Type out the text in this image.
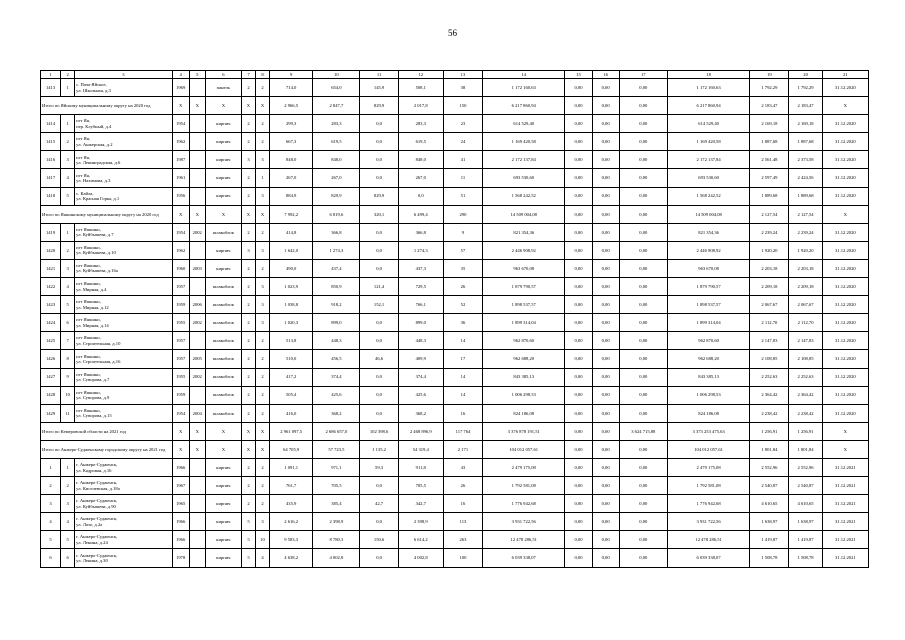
56
1	2	3	4	5	6	7	8	9	10	11	12	13	14	15	16	17	18	19	20	21
1413	1	с. Пача-Яйское,
ул. Школьная, д.3	1969		панель	2	2	714,0	654,0	145,9	508,1	38	1 172 160,63	0,00	0,00	0,00	1 172 160,63	1 792,29	1 792,29	31.12.2020
Итого по Яйскому муниципальному округу на 2020 год			X	X	X	X	X	2 966,5	2 847,7	829,9	2 017,8	150	6 217 860,94	0,00	0,00	0,00	6 217 860,94	2 183,47	2 183,47	X
1414	1	пгт Яя,
пер. Клубный, д.4	1954		кирпич	2	2	299,3	283,3	0,0	283,3	23	614 529,40	0,00	0,00	0,00	614 529,40	2 169,18	2 169,18	31.12.2020
1415	2	пгт Яя,
ул. Анжерская, д.2	1962		кирпич	2	2	667,3	619,5	0,0	619,5	24	1 169 420,58	0,00	0,00	0,00	1 169 420,58	1 887,68	1 887,68	31.12.2020
1416	3	пгт Яя,
ул. Ленинградская, д.6	1987		кирпич	3	3	848,0	848,0	0,0	848,0	41	2 172 137,84	0,00	0,00	0,00	2 172 137,84	2 561,48	2 373,58	31.12.2020
1417	4	пгт Яя,
ул. Нахимова, д.3	1961		кирпич	2	1	267,0	267,0	0,0	267,0	11	693 530,60	0,00	0,00	0,00	693 530,60	2 597,49	2 424,56	31.12.2020
1418	5	с. Кайла,
ул. Красная Горка, д.1	1956		кирпич	2	3	884,9	829,9	829,9	0,0	51	1 568 242,52	0,00	0,00	0,00	1 568 242,52	1 889,68	1 889,68	31.12.2020
Итого по Яшкинскому муниципальному округу на 2020 год			X	X	X	X	X	7 992,2	6 819,6	320,1	6 499,4	290	14 509 004,08	0,00	0,00	0,00	14 509 004,08	2 127,54	2 127,54	X
1419	1	пгт Яшкино,
ул. Куйбышева, д.7	1954	2002	шлакоблок	2	2	414,8	366,8	0,0	366,8	9	821 354,36	0,00	0,00	0,00	821 354,36	2 239,24	2 239,24	31.12.2020
1420	2	пгт Яшкино,
ул. Куйбышева, д.10	1962		кирпич	3	3	1 642,0	1 274,3	0,0	1 274,3	57	2 446 908,92	0,00	0,00	0,00	2 446 908,92	1 920,20	1 920,20	31.12.2020
1421	3	пгт Яшкино,
ул. Куйбышева, д.16а	1960	2003	кирпич	2	2	490,0	437,4	0,0	437,3	35	963 670,08	0,00	0,00	0,00	963 670,08	2 203,18	2 203,18	31.12.2020
1422	4	пгт Яшкино,
ул. Мирная, д.4	1957		шлакоблок	2	3	1 023,9	850,9	121,4	729,5	26	1 879 790,57	0,00	0,00	0,00	1 879 790,57	2 209,18	2 209,18	31.12.2020
1423	5	пгт Яшкино,
ул. Мирная, д.12	1959	2006	шлакоблок	2	3	1 038,8	918,2	152,1	766,1	52	1 898 537,57	0,00	0,00	0,00	1 898 537,57	2 067,67	2 067,67	31.12.2020
1424	6	пгт Яшкино,
ул. Мирная, д.14	1955	2002	шлакоблок	2	3	1 020,3	899,0	0,0	899,0	36	1 899 314,04	0,00	0,00	0,00	1 899 314,04	2 112,70	2 112,70	31.12.2020
1425	7	пгт Яшкино,
ул. Строительная, д.10	1957		шлакоблок	2	2	513,8	448,3	0,0	448,3	14	962 870,60	0,00	0,00	0,00	962 870,60	2 147,83	2 147,83	31.12.2020
1426	8	пгт Яшкино,
ул. Строительная, д.16	1957	2005	шлакоблок	2	2	510,0	456,5	46,6	409,9	17	962 688,20	0,00	0,00	0,00	962 688,20	2 108,85	2 108,85	31.12.2020
1427	9	пгт Яшкино,
ул. Суворова, д.7	1955	2002	шлакоблок	2	2	417,2	374,4	0,0	374,4	14	843 385,13	0,00	0,00	0,00	843 385,13	2 252,63	2 252,63	31.12.2020
1428	10	пгт Яшкино,
ул. Суворова, д.9	1959		шлакоблок	2	2	505,4	425,6	0,0	425,6	14	1 006 298,53	0,00	0,00	0,00	1 006 298,53	2 364,42	2 364,42	31.12.2020
1429	11	пгт Яшкино,
ул. Суворова, д.15	1954	2004	шлакоблок	2	2	416,0	368,2	0,0	368,2	16	824 186,08	0,00	0,00	0,00	824 186,08	2 238,42	2 238,42	31.12.2020
Итого по Кемеровской области на 2021 год			X	X	X	X	X	2 961 097,5	2 686 657,0	102 398,6	2 468 896,9	117 764	3 376 878 191,51	0,00	0,00	3 624 715,88	3 373 253 475,63	1 256,91	1 256,91	X
Итого по Анжеро-Судженскому городскому округу на 2021 год			X	X	X	X	X	64 705,9	57 723,5	1 135,2	54 319,4	2 171	104 012 057,61	0,00	0,00	0,00	104 012 057,61	1 801,84	1 801,84	X
1	1	г. Анжеро-Судженск,
ул. Кадровая, д.16	1966		кирпич	2	2	1 091,1	971,1	59,3	911,8	43	2 479 175,08	0,00	0,00	0,00	2 479 175,08	2 552,96	2 552,96	31.12.2021
2	2	г. Анжеро-Судженск,
ул. Киселевская, д.18а	1967		кирпич	2	2	761,7	705,5	0,0	705,5	26	1 792 581,08	0,00	0,00	0,00	1 792 581,08	2 540,87	2 540,87	31.12.2021
3	3	г. Анжеро-Судженск,
ул. Куйбышева, д.90	1965		кирпич	2	2	435,9	385,4	42,7	342,7	16	1 776 942,68	0,00	0,00	0,00	1 776 942,68	4 610,65	4 610,65	31.12.2021
4	4	г. Анжеро-Судженск,
ул. Лазо, д.2а	1966		кирпич	5	3	2 616,2	2 398,9	0,0	2 398,9	113	3 931 722,56	0,00	0,00	0,00	3 931 722,56	1 638,97	1 638,97	31.12.2021
5	5	г. Анжеро-Судженск,
ул. Ленина, д.24	1966		кирпич	5	10	9 583,3	8 780,3	150,6	6 614,2	263	12 478 286,51	0,00	0,00	0,00	12 478 286,51	1 419,87	1 419,87	31.12.2021
6	6	г. Анжеро-Судженск,
ул. Ленина, д.30	1978		кирпич	5	4	4 638,2	4 002,8	0,0	4 002,8	100	6 039 338,07	0,00	0,00	0,00	6 039 338,07	1 508,78	1 508,78	31.12.2021
